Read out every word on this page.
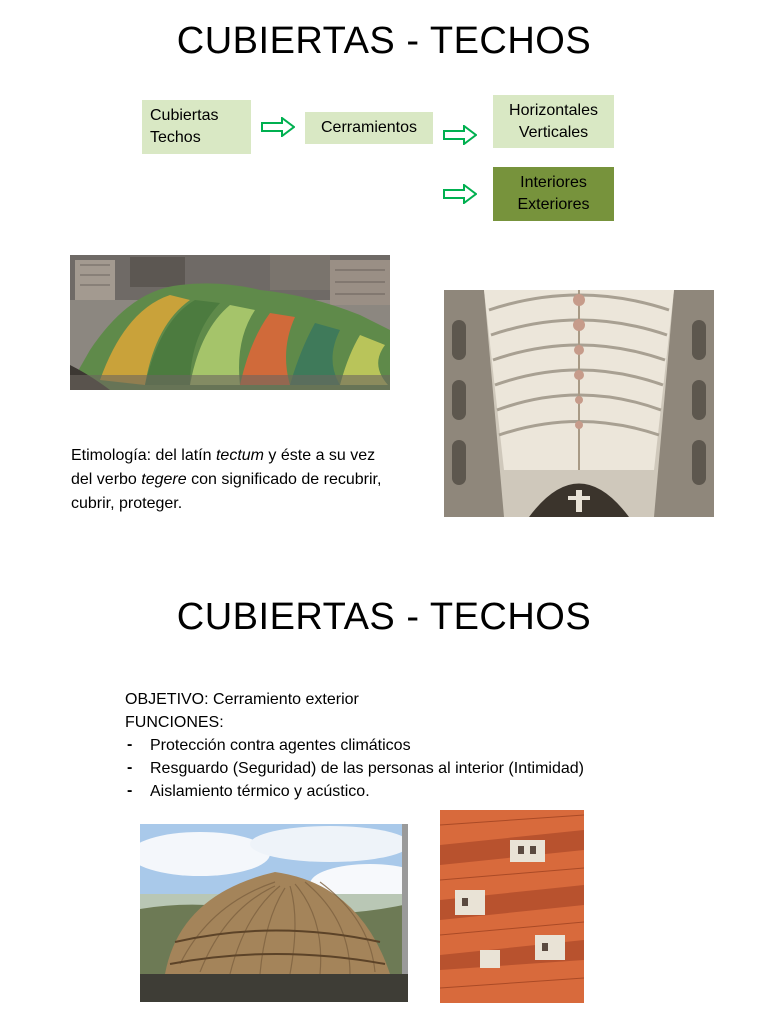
CUBIERTAS - TECHOS
Cubiertas
Techos
Cerramientos
Horizontales
Verticales
Interiores
Exteriores
Etimología: del latín tectum y éste a su vez del verbo tegere con significado de recubrir, cubrir, proteger.
CUBIERTAS - TECHOS
OBJETIVO: Cerramiento exterior
FUNCIONES:
- Protección contra agentes climáticos
- Resguardo (Seguridad) de las personas al interior (Intimidad)
- Aislamiento térmico y acústico.
